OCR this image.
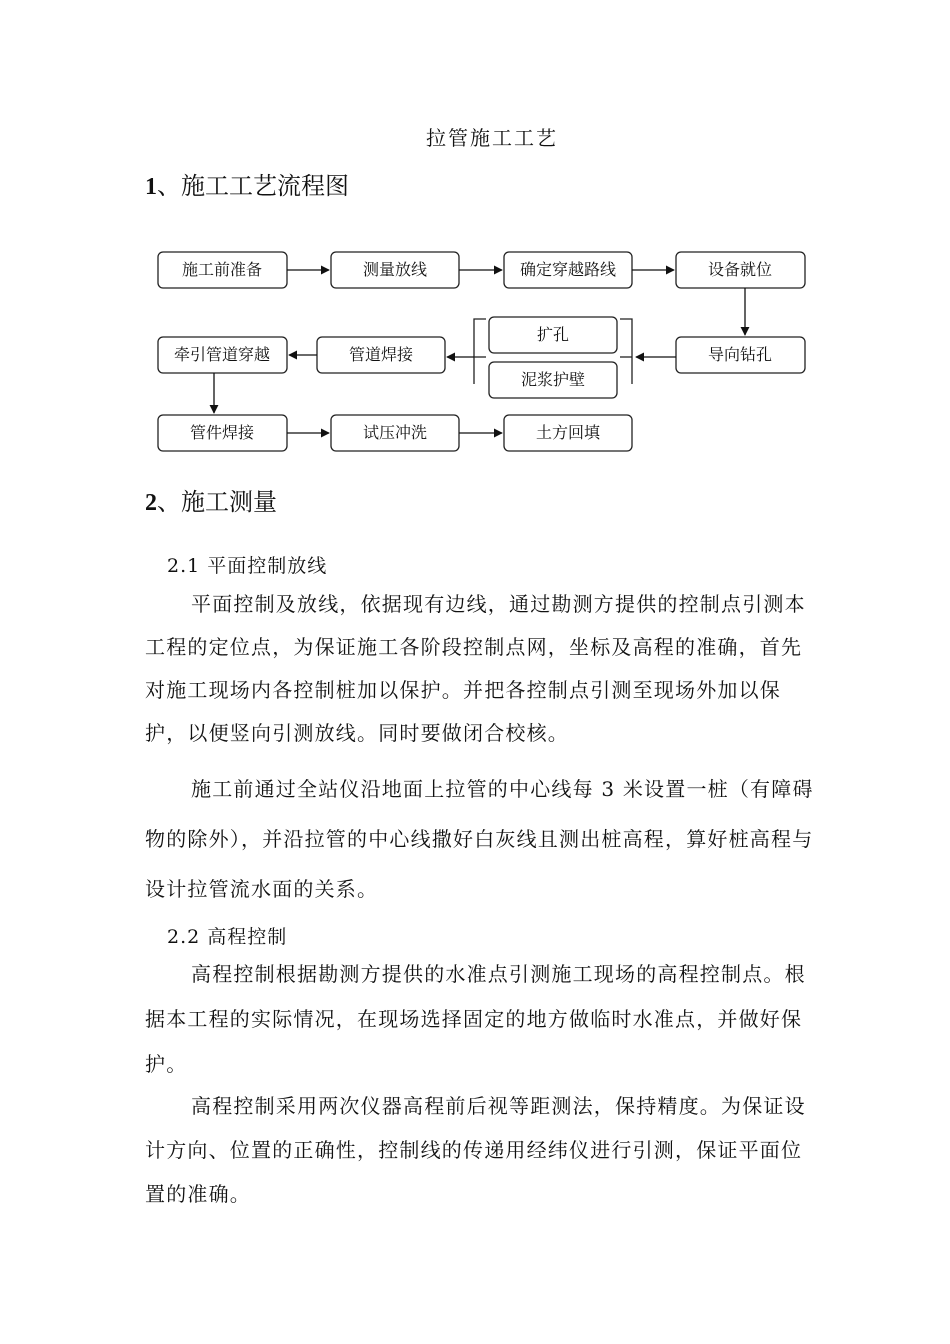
拉管施工工艺
1、施工工艺流程图
施工前准备	测量放线	确定穿越路线	设备就位
牵引管道穿越	管道焊接
扩孔
泥浆护壁
导向钻孔
管件焊接	试压冲洗	土方回填
2、施工测量
2.1 平面控制放线

平面控制及放线，依据现有边线，通过勘测方提供的控制点引测本工程的定位点，为保证施工各阶段控制点网，坐标及高程的准确，首先对施工现场内各控制桩加以保护。并把各控制点引测至现场外加以保护，以便竖向引测放线。同时要做闭合校核。

施工前通过全站仪沿地面上拉管的中心线每 3 米设置一桩（有障碍物的除外），并沿拉管的中心线撒好白灰线且测出桩高程，算好桩高程与设计拉管流水面的关系。

2.2 高程控制

高程控制根据勘测方提供的水准点引测施工现场的高程控制点。根据本工程的实际情况，在现场选择固定的地方做临时水准点，并做好保护。

高程控制采用两次仪器高程前后视等距测法，保持精度。为保证设计方向、位置的正确性，控制线的传递用经纬仪进行引测，保证平面位置的准确。
